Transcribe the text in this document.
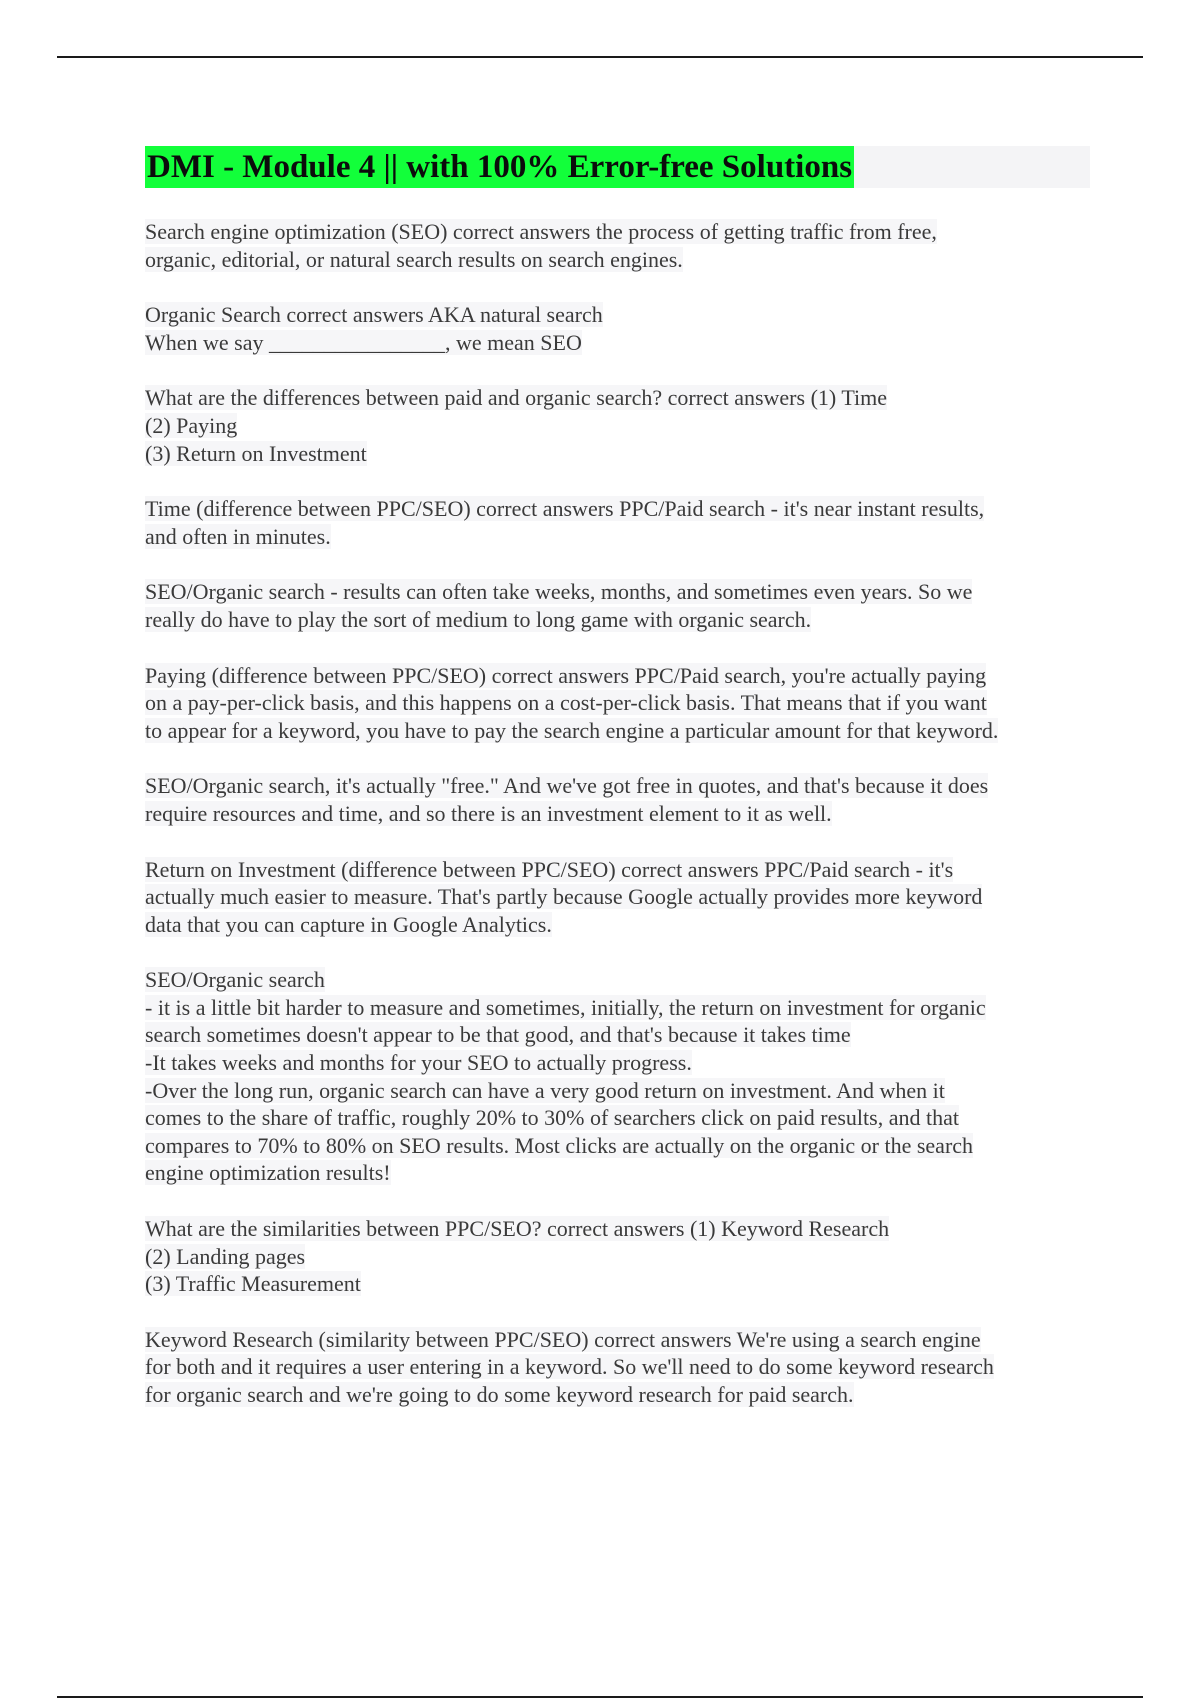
DMI - Module 4 || with 100% Error-free Solutions
Search engine optimization (SEO) correct answers the process of getting traffic from free,
organic, editorial, or natural search results on search engines.
Organic Search correct answers AKA natural search
When we say ________________, we mean SEO
What are the differences between paid and organic search? correct answers (1) Time
(2) Paying
(3) Return on Investment
Time (difference between PPC/SEO) correct answers PPC/Paid search - it's near instant results,
and often in minutes.
SEO/Organic search - results can often take weeks, months, and sometimes even years. So we
really do have to play the sort of medium to long game with organic search.
Paying (difference between PPC/SEO) correct answers PPC/Paid search, you're actually paying
on a pay-per-click basis, and this happens on a cost-per-click basis. That means that if you want
to appear for a keyword, you have to pay the search engine a particular amount for that keyword.
SEO/Organic search, it's actually "free." And we've got free in quotes, and that's because it does
require resources and time, and so there is an investment element to it as well.
Return on Investment (difference between PPC/SEO) correct answers PPC/Paid search - it's
actually much easier to measure. That's partly because Google actually provides more keyword
data that you can capture in Google Analytics.
SEO/Organic search
- it is a little bit harder to measure and sometimes, initially, the return on investment for organic
search sometimes doesn't appear to be that good, and that's because it takes time
-It takes weeks and months for your SEO to actually progress.
-Over the long run, organic search can have a very good return on investment. And when it
comes to the share of traffic, roughly 20% to 30% of searchers click on paid results, and that
compares to 70% to 80% on SEO results. Most clicks are actually on the organic or the search
engine optimization results!
What are the similarities between PPC/SEO? correct answers (1) Keyword Research
(2) Landing pages
(3) Traffic Measurement
Keyword Research (similarity between PPC/SEO) correct answers We're using a search engine
for both and it requires a user entering in a keyword. So we'll need to do some keyword research
for organic search and we're going to do some keyword research for paid search.
